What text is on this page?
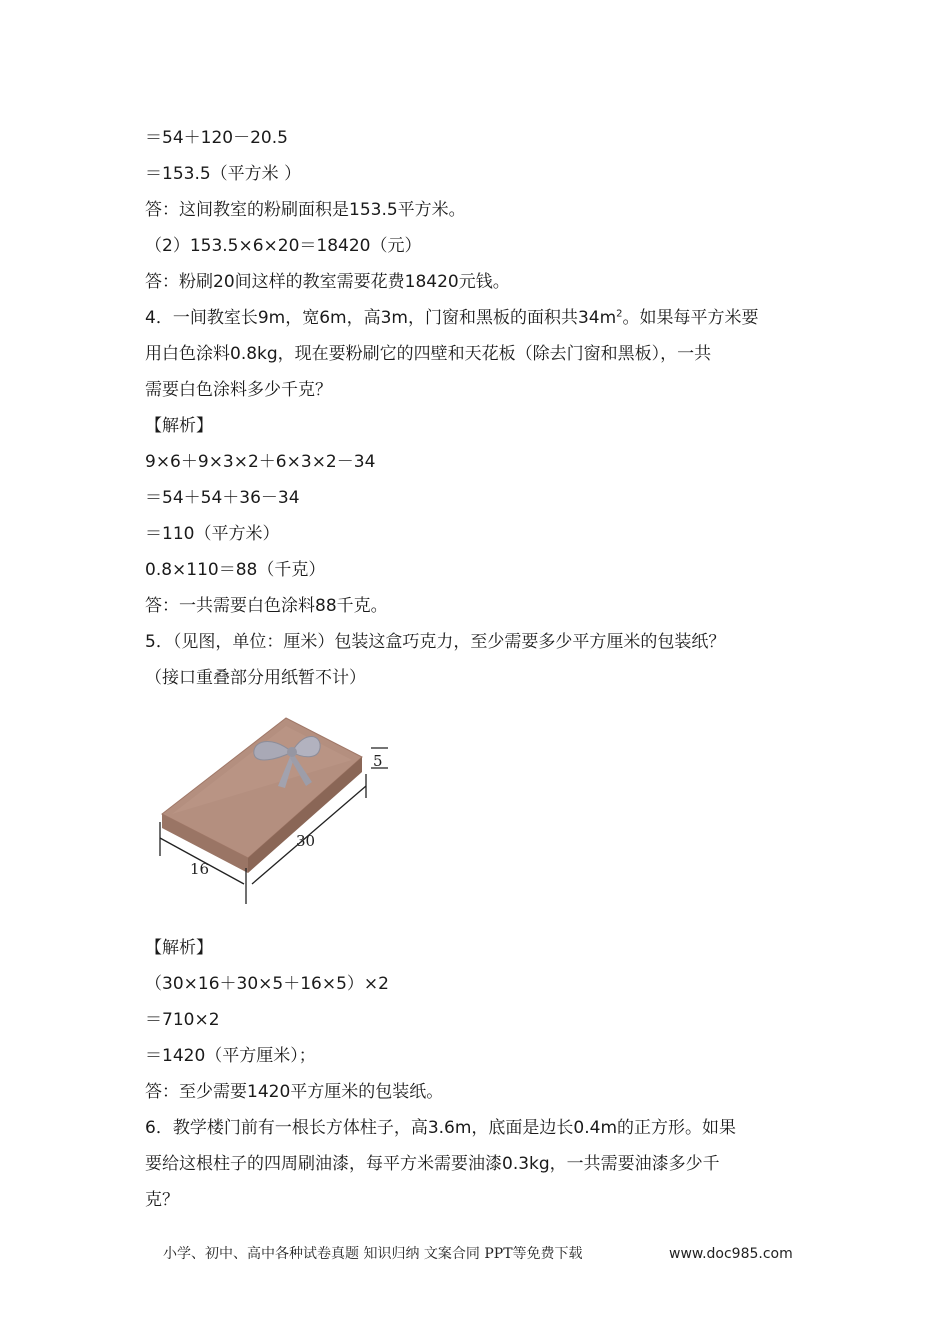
＝54＋120－20.5
＝153.5（平方米 ）
答：这间教室的粉刷面积是153.5平方米。
（2）153.5×6×20＝18420（元）
答：粉刷20间这样的教室需要花费18420元钱。
4．一间教室长9m，宽6m，高3m，门窗和黑板的面积共$34m^2$。如果每平方米要
用白色涂料0.8kg，现在要粉刷它的四壁和天花板（除去门窗和黑板），一共
需要白色涂料多少千克？
【解析】
9×6＋9×3×2＋6×3×2－34
＝54＋54＋36－34
＝110（平方米）
0.8×110＝88（千克）
答：一共需要白色涂料88千克。
5．（见图，单位：厘米）包装这盒巧克力，至少需要多少平方厘米的包装纸？
（接口重叠部分用纸暂不计）
5
30
16
【解析】
（30×16＋30×5＋16×5）×2
＝710×2
＝1420（平方厘米）；
答：至少需要1420平方厘米的包装纸。
6．教学楼门前有一根长方体柱子，高3.6m，底面是边长0.4m的正方形。如果
要给这根柱子的四周刷油漆，每平方米需要油漆0.3kg，一共需要油漆多少千
克？
小学、初中、高中各种试卷真题 知识归纳 文案合同 PPT等免费下载	www.doc985.com
